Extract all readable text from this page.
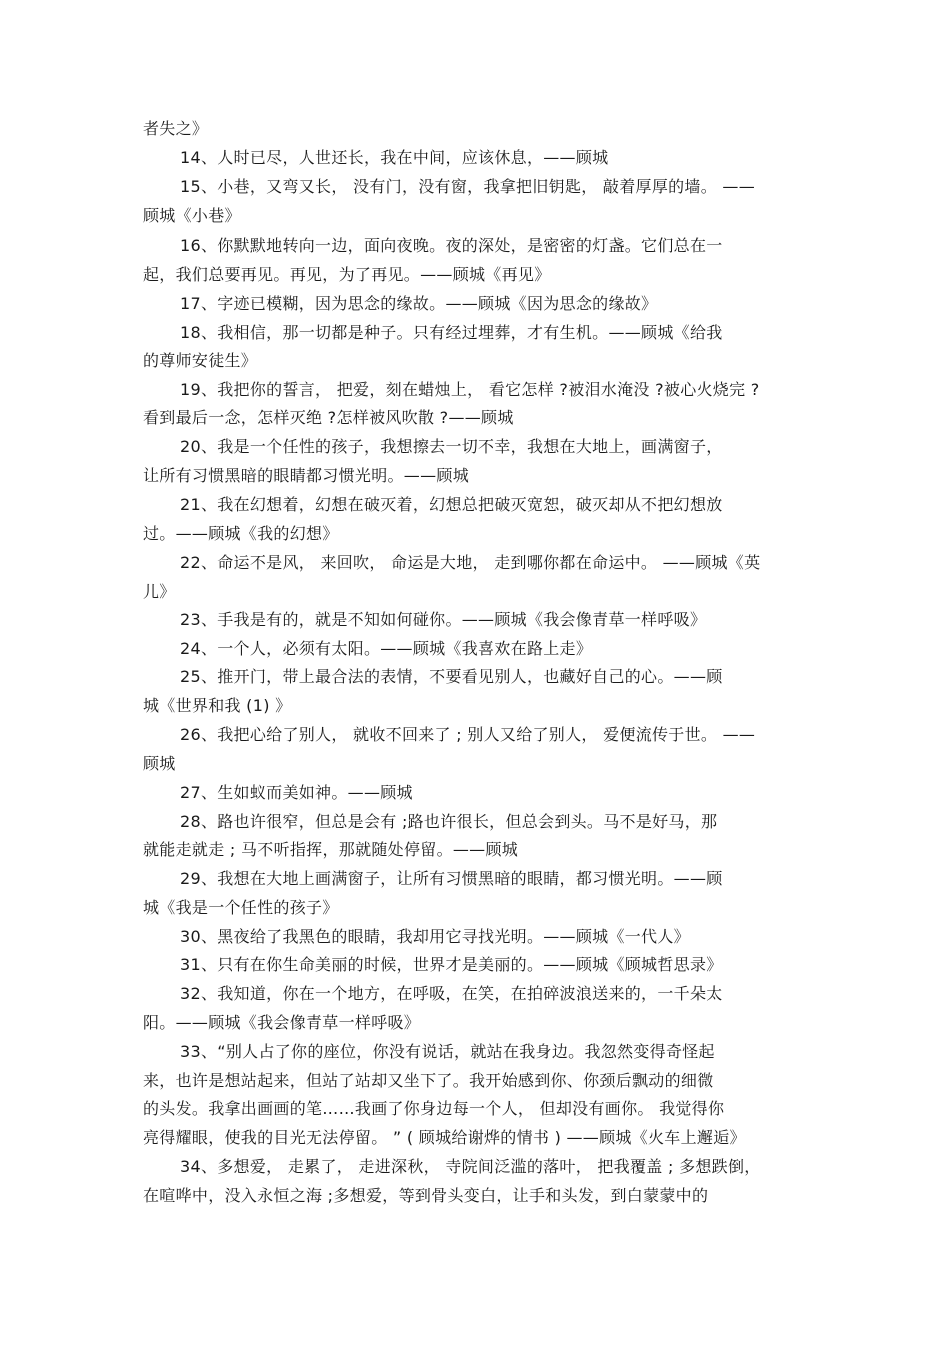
者失之》
14、人时已尽，人世还长，我在中间，应该休息，——顾城
15、小巷，又弯又长， 没有门，没有窗，我拿把旧钥匙， 敲着厚厚的墙。 ——
顾城《小巷》
16、你默默地转向一边，面向夜晚。夜的深处，是密密的灯盏。它们总在一
起，我们总要再见。再见，为了再见。——顾城《再见》
17、字迹已模糊，因为思念的缘故。——顾城《因为思念的缘故》
18、我相信，那一切都是种子。只有经过埋葬，才有生机。——顾城《给我
的尊师安徒生》
19、我把你的誓言， 把爱，刻在蜡烛上， 看它怎样 ?被泪水淹没 ?被心火烧完 ?
看到最后一念，怎样灭绝 ?怎样被风吹散 ?——顾城
20、我是一个任性的孩子，我想擦去一切不幸，我想在大地上，画满窗子，
让所有习惯黑暗的眼睛都习惯光明。——顾城
21、我在幻想着，幻想在破灭着，幻想总把破灭宽恕，破灭却从不把幻想放
过。——顾城《我的幻想》
22、命运不是风， 来回吹， 命运是大地， 走到哪你都在命运中。 ——顾城《英
儿》
23、手我是有的，就是不知如何碰你。——顾城《我会像青草一样呼吸》
24、一个人，必须有太阳。——顾城《我喜欢在路上走》
25、推开门，带上最合法的表情，不要看见别人，也藏好自己的心。——顾
城《世界和我 (1) 》
26、我把心给了别人， 就收不回来了 ; 别人又给了别人， 爱便流传于世。 ——
顾城
27、生如蚁而美如神。——顾城
28、路也许很窄，但总是会有 ;路也许很长，但总会到头。马不是好马，那
就能走就走 ; 马不听指挥，那就随处停留。——顾城
29、我想在大地上画满窗子，让所有习惯黑暗的眼睛，都习惯光明。——顾
城《我是一个任性的孩子》
30、黑夜给了我黑色的眼睛，我却用它寻找光明。——顾城《一代人》
31、只有在你生命美丽的时候，世界才是美丽的。——顾城《顾城哲思录》
32、我知道，你在一个地方，在呼吸，在笑，在拍碎波浪送来的，一千朵太
阳。——顾城《我会像青草一样呼吸》
33、“别人占了你的座位，你没有说话，就站在我身边。我忽然变得奇怪起
来，也许是想站起来，但站了站却又坐下了。我开始感到你、你颈后飘动的细微
的头发。我拿出画画的笔……我画了你身边每一个人， 但却没有画你。 我觉得你
亮得耀眼，使我的目光无法停留。 ” ( 顾城给谢烨的情书 ) ——顾城《火车上邂逅》
34、多想爱， 走累了， 走进深秋， 寺院间泛滥的落叶， 把我覆盖 ; 多想跌倒，
在喧哗中，没入永恒之海 ;多想爱，等到骨头变白，让手和头发，到白蒙蒙中的
